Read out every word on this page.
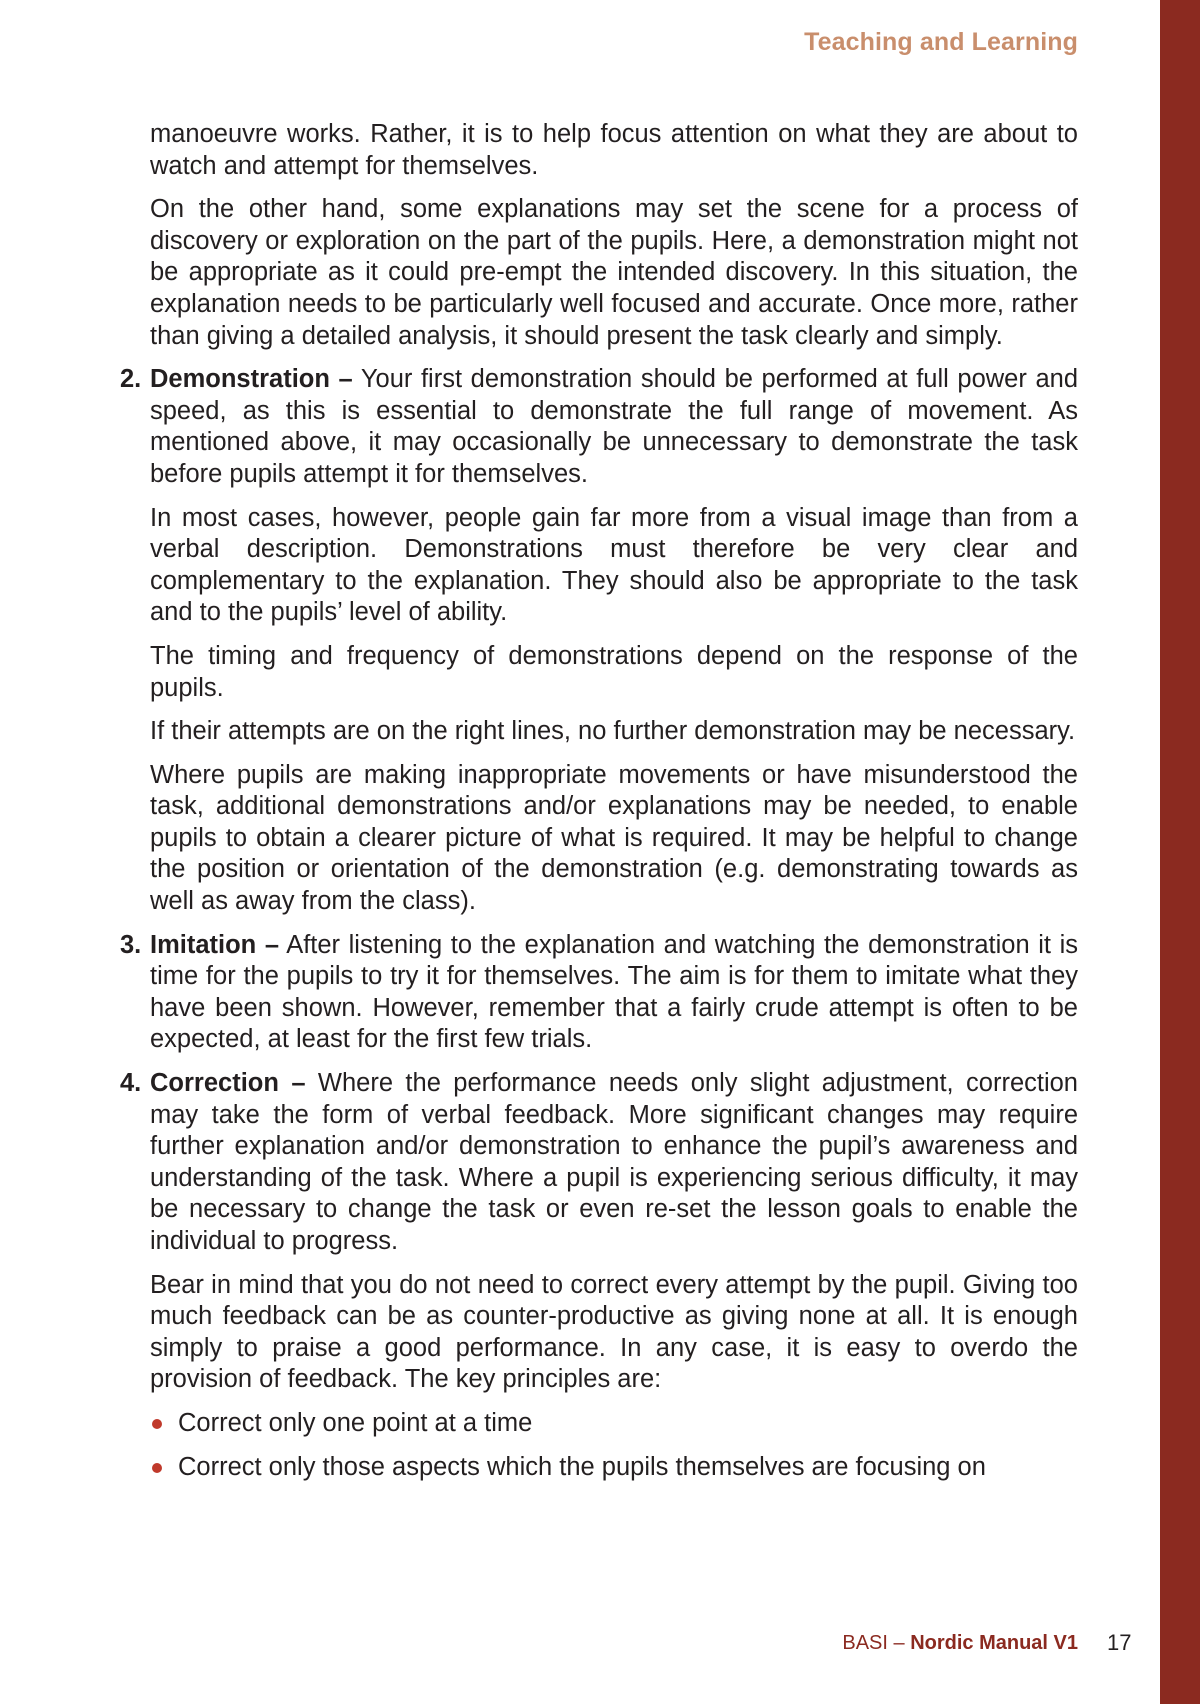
Teaching and Learning

manoeuvre works. Rather, it is to help focus attention on what they are about to watch and attempt for themselves.

On the other hand, some explanations may set the scene for a process of discovery or exploration on the part of the pupils. Here, a demonstration might not be appropriate as it could pre-empt the intended discovery. In this situation, the explanation needs to be particularly well focused and accurate. Once more, rather than giving a detailed analysis, it should present the task clearly and simply.

2. Demonstration – Your first demonstration should be performed at full power and speed, as this is essential to demonstrate the full range of movement. As mentioned above, it may occasionally be unnecessary to demonstrate the task before pupils attempt it for themselves.

In most cases, however, people gain far more from a visual image than from a verbal description. Demonstrations must therefore be very clear and complementary to the explanation. They should also be appropriate to the task and to the pupils’ level of ability.

The timing and frequency of demonstrations depend on the response of the pupils.

If their attempts are on the right lines, no further demonstration may be necessary.

Where pupils are making inappropriate movements or have misunderstood the task, additional demonstrations and/or explanations may be needed, to enable pupils to obtain a clearer picture of what is required. It may be helpful to change the position or orientation of the demonstration (e.g. demonstrating towards as well as away from the class).

3. Imitation – After listening to the explanation and watching the demonstration it is time for the pupils to try it for themselves. The aim is for them to imitate what they have been shown. However, remember that a fairly crude attempt is often to be expected, at least for the first few trials.
4. Correction – Where the performance needs only slight adjustment, correction may take the form of verbal feedback. More significant changes may require further explanation and/or demonstration to enhance the pupil’s awareness and understanding of the task. Where a pupil is experiencing serious difficulty, it may be necessary to change the task or even re-set the lesson goals to enable the individual to progress.

Bear in mind that you do not need to correct every attempt by the pupil. Giving too much feedback can be as counter-productive as giving none at all. It is enough simply to praise a good performance. In any case, it is easy to overdo the provision of feedback. The key principles are:

Correct only one point at a time
Correct only those aspects which the pupils themselves are focusing on
BASI – Nordic Manual V1 17
